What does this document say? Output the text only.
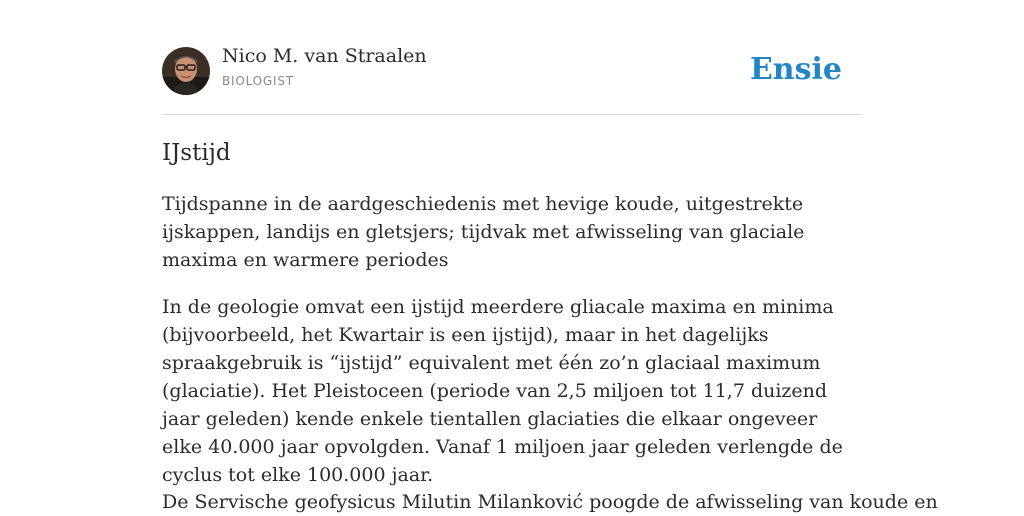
Nico M. van Straalen
BIOLOGIST	Ensie
IJstijd

Tijdspanne in de aardgeschiedenis met hevige koude, uitgestrekte ijskappen, landijs en gletsjers; tijdvak met afwisseling van glaciale maxima en warmere periodes

In de geologie omvat een ijstijd meerdere gliacale maxima en minima (bijvoorbeeld, het Kwartair is een ijstijd), maar in het dagelijks spraakgebruik is “ijstijd” equivalent met één zo’n glaciaal maximum (glaciatie). Het Pleistoceen (periode van 2,5 miljoen tot 11,7 duizend jaar geleden) kende enkele tientallen glaciaties die elkaar ongeveer elke 40.000 jaar opvolgden. Vanaf 1 miljoen jaar geleden verlengde de cyclus tot elke 100.000 jaar.

De Servische geofysicus Milutin Milanković poogde de afwisseling van koude en
